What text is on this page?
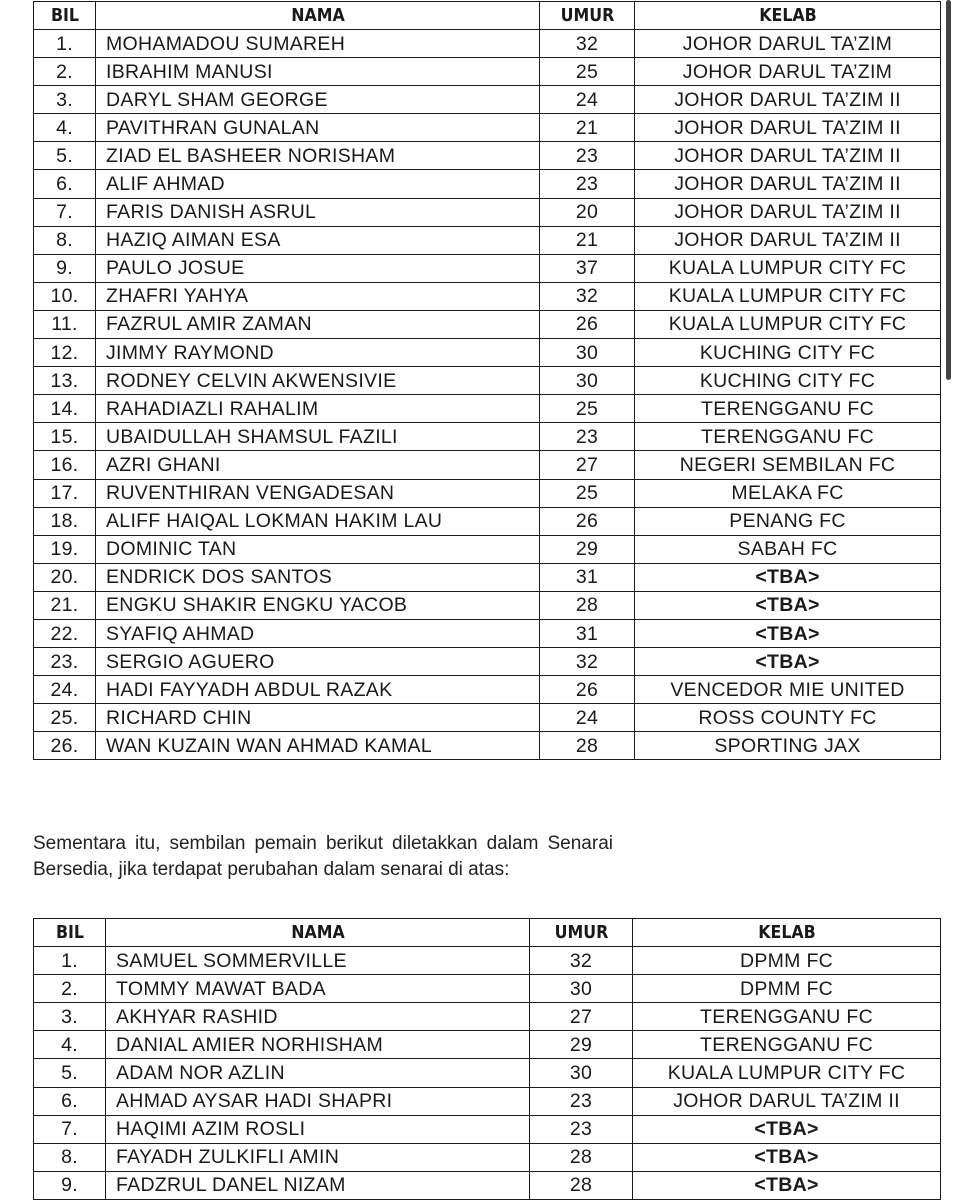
BIL	NAMA	UMUR	KELAB
1.	MOHAMADOU SUMAREH	32	JOHOR DARUL TA’ZIM
2.	IBRAHIM MANUSI	25	JOHOR DARUL TA’ZIM
3.	DARYL SHAM GEORGE	24	JOHOR DARUL TA’ZIM II
4.	PAVITHRAN GUNALAN	21	JOHOR DARUL TA’ZIM II
5.	ZIAD EL BASHEER NORISHAM	23	JOHOR DARUL TA’ZIM II
6.	ALIF AHMAD	23	JOHOR DARUL TA’ZIM II
7.	FARIS DANISH ASRUL	20	JOHOR DARUL TA’ZIM II
8.	HAZIQ AIMAN ESA	21	JOHOR DARUL TA’ZIM II
9.	PAULO JOSUE	37	KUALA LUMPUR CITY FC
10.	ZHAFRI YAHYA	32	KUALA LUMPUR CITY FC
11.	FAZRUL AMIR ZAMAN	26	KUALA LUMPUR CITY FC
12.	JIMMY RAYMOND	30	KUCHING CITY FC
13.	RODNEY CELVIN AKWENSIVIE	30	KUCHING CITY FC
14.	RAHADIAZLI RAHALIM	25	TERENGGANU FC
15.	UBAIDULLAH SHAMSUL FAZILI	23	TERENGGANU FC
16.	AZRI GHANI	27	NEGERI SEMBILAN FC
17.	RUVENTHIRAN VENGADESAN	25	MELAKA FC
18.	ALIFF HAIQAL LOKMAN HAKIM LAU	26	PENANG FC
19.	DOMINIC TAN	29	SABAH FC
20.	ENDRICK DOS SANTOS	31	<TBA>
21.	ENGKU SHAKIR ENGKU YACOB	28	<TBA>
22.	SYAFIQ AHMAD	31	<TBA>
23.	SERGIO AGUERO	32	<TBA>
24.	HADI FAYYADH ABDUL RAZAK	26	VENCEDOR MIE UNITED
25.	RICHARD CHIN	24	ROSS COUNTY FC
26.	WAN KUZAIN WAN AHMAD KAMAL	28	SPORTING JAX

Sementara itu, sembilan pemain berikut diletakkan dalam Senarai Bersedia, jika terdapat perubahan dalam senarai di atas:

BIL	NAMA	UMUR	KELAB
1.	SAMUEL SOMMERVILLE	32	DPMM FC
2.	TOMMY MAWAT BADA	30	DPMM FC
3.	AKHYAR RASHID	27	TERENGGANU FC
4.	DANIAL AMIER NORHISHAM	29	TERENGGANU FC
5.	ADAM NOR AZLIN	30	KUALA LUMPUR CITY FC
6.	AHMAD AYSAR HADI SHAPRI	23	JOHOR DARUL TA’ZIM II
7.	HAQIMI AZIM ROSLI	23	<TBA>
8.	FAYADH ZULKIFLI AMIN	28	<TBA>
9.	FADZRUL DANEL NIZAM	28	<TBA>
